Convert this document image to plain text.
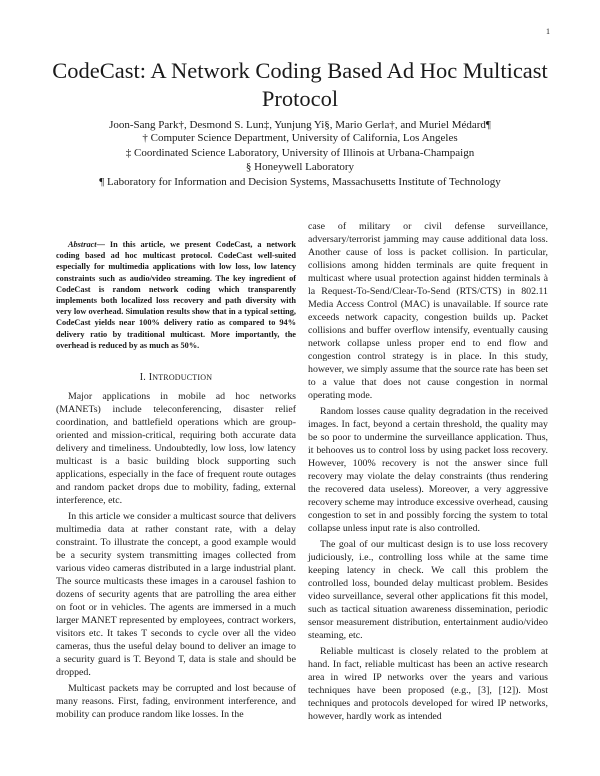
1
CodeCast: A Network Coding Based Ad Hoc Multicast Protocol
Joon-Sang Park†, Desmond S. Lun‡, Yunjung Yi§, Mario Gerla†, and Muriel Médard¶
† Computer Science Department, University of California, Los Angeles
‡ Coordinated Science Laboratory, University of Illinois at Urbana-Champaign
§ Honeywell Laboratory
¶ Laboratory for Information and Decision Systems, Massachusetts Institute of Technology

Abstract— In this article, we present CodeCast, a network coding based ad hoc multicast protocol. CodeCast well-suited especially for multimedia applications with low loss, low latency constraints such as audio/video streaming. The key ingredient of CodeCast is random network coding which transparently implements both localized loss recovery and path diversity with very low overhead. Simulation results show that in a typical setting, CodeCast yields near 100% delivery ratio as compared to 94% delivery ratio by traditional multicast. More importantly, the overhead is reduced by as much as 50%.

I. INTRODUCTION

Major applications in mobile ad hoc networks (MANETs) include teleconferencing, disaster relief coordination, and battlefield operations which are group-oriented and mission-critical, requiring both accurate data delivery and timeliness. Undoubtedly, low loss, low latency multicast is a basic building block supporting such applications, especially in the face of frequent route outages and random packet drops due to mobility, fading, external interference, etc.

In this article we consider a multicast source that delivers multimedia data at rather constant rate, with a delay constraint. To illustrate the concept, a good example would be a security system transmitting images collected from various video cameras distributed in a large industrial plant. The source multicasts these images in a carousel fashion to dozens of security agents that are patrolling the area either on foot or in vehicles. The agents are immersed in a much larger MANET represented by employees, contract workers, visitors etc. It takes T seconds to cycle over all the video cameras, thus the useful delay bound to deliver an image to a security guard is T. Beyond T, data is stale and should be dropped.

Multicast packets may be corrupted and lost because of many reasons. First, fading, environment interference, and mobility can produce random like losses. In the

case of military or civil defense surveillance, adversary/terrorist jamming may cause additional data loss. Another cause of loss is packet collision. In particular, collisions among hidden terminals are quite frequent in multicast where usual protection against hidden terminals à la Request-To-Send/Clear-To-Send (RTS/CTS) in 802.11 Media Access Control (MAC) is unavailable. If source rate exceeds network capacity, congestion builds up. Packet collisions and buffer overflow intensify, eventually causing network collapse unless proper end to end flow and congestion control strategy is in place. In this study, however, we simply assume that the source rate has been set to a value that does not cause congestion in normal operating mode.

Random losses cause quality degradation in the received images. In fact, beyond a certain threshold, the quality may be so poor to undermine the surveillance application. Thus, it behooves us to control loss by using packet loss recovery. However, 100% recovery is not the answer since full recovery may violate the delay constraints (thus rendering the recovered data useless). Moreover, a very aggressive recovery scheme may introduce excessive overhead, causing congestion to set in and possibly forcing the system to total collapse unless input rate is also controlled.

The goal of our multicast design is to use loss recovery judiciously, i.e., controlling loss while at the same time keeping latency in check. We call this problem the controlled loss, bounded delay multicast problem. Besides video surveillance, several other applications fit this model, such as tactical situation awareness dissemination, periodic sensor measurement distribution, entertainment audio/video steaming, etc.

Reliable multicast is closely related to the problem at hand. In fact, reliable multicast has been an active research area in wired IP networks over the years and various techniques have been proposed (e.g., [3], [12]). Most techniques and protocols developed for wired IP networks, however, hardly work as intended
